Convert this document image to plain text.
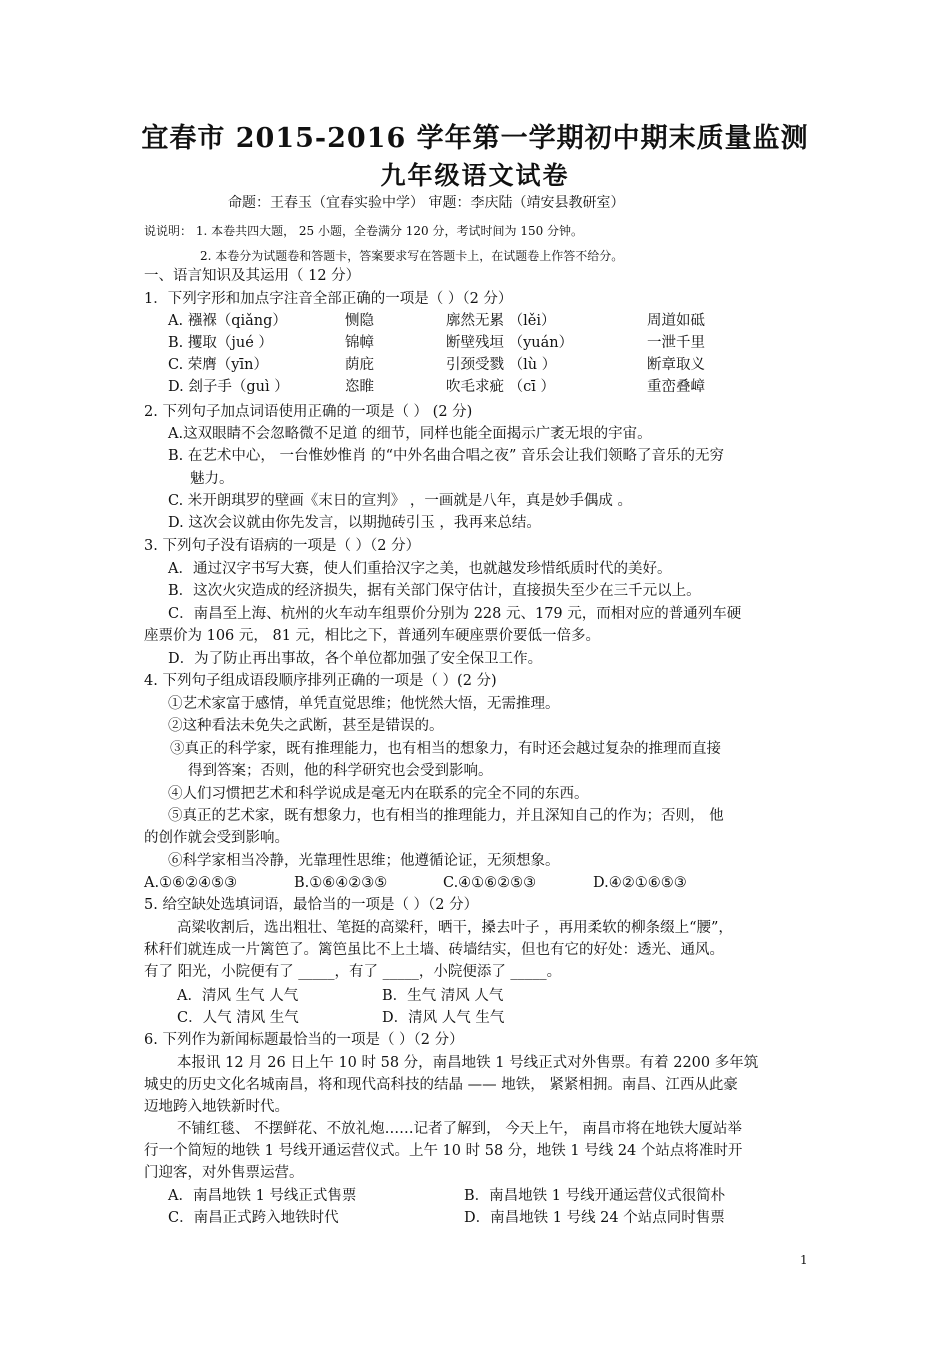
宜春市 2015-2016 学年第一学期初中期末质量监测
九年级语文试卷
命题：王春玉（宜春实验中学） 审题：李庆陆（靖安县教研室）
说说明： 1. 本卷共四大题， 25 小题，全卷满分 120 分，考试时间为 150 分钟。
2. 本卷分为试题卷和答题卡，答案要求写在答题卡上，在试题卷上作答不给分。
一、语言知识及其运用（ 12 分）
1．下列字形和加点字注音全部正确的一项是（ ）（2 分）
A. 襁褓（qiǎng）	恻隐	廓然无累 （lěi）	周道如砥
B. 攫取（jué ）	锦幛	断壁残垣 （yuán）	一泄千里
C. 荣膺（yīn）	荫庇	引颈受戮 （lù ）	断章取义
D. 刽子手（guì ）	恣睢	吹毛求疵 （cī ）	重峦叠嶂
2. 下列句子加点词语使用正确的一项是（ ） (2 分)
A.这双眼睛不会忽略微不足道 的细节，同样也能全面揭示广袤无垠的宇宙。
B. 在艺术中心， 一台惟妙惟肖 的“中外名曲合唱之夜” 音乐会让我们领略了音乐的无穷
魅力。
C. 米开朗琪罗的壁画《末日的宣判》 ，一画就是八年，真是妙手偶成 。
D. 这次会议就由你先发言，以期抛砖引玉 ，我再来总结。
3. 下列句子没有语病的一项是（ ）（2 分）
A．通过汉字书写大赛，使人们重拾汉字之美，也就越发珍惜纸质时代的美好。
B．这次火灾造成的经济损失，据有关部门保守估计，直接损失至少在三千元以上。
C．南昌至上海、杭州的火车动车组票价分别为 228 元、179 元，而相对应的普通列车硬
座票价为 106 元， 81 元，相比之下，普通列车硬座票价要低一倍多。
D．为了防止再出事故，各个单位都加强了安全保卫工作。
4. 下列句子组成语段顺序排列正确的一项是（ ）(2 分)
①艺术家富于感情，单凭直觉思维；他恍然大悟，无需推理。
②这种看法未免失之武断，甚至是错误的。
③真正的科学家，既有推理能力，也有相当的想象力，有时还会越过复杂的推理而直接
得到答案；否则，他的科学研究也会受到影响。
④人们习惯把艺术和科学说成是毫无内在联系的完全不同的东西。
⑤真正的艺术家，既有想象力，也有相当的推理能力，并且深知自己的作为；否则， 他
的创作就会受到影响。
⑥科学家相当冷静，光靠理性思维；他遵循论证，无须想象。
A.①⑥②④⑤③	B.①⑥④②③⑤	C.④①⑥②⑤③	D.④②①⑥⑤③
5. 给空缺处选填词语，最恰当的一项是（ ）（2 分）
高粱收割后，选出粗壮、笔挺的高粱秆，晒干，搡去叶子 ，再用柔软的柳条缀上“腰”，
秫秆们就连成一片篱笆了。篱笆虽比不上土墙、砖墙结实，但也有它的好处：透光、通风。
有了 阳光，小院便有了 _____，有了 _____，小院便添了 _____。
A．清风 生气 人气	B．生气 清风 人气
C．人气 清风 生气	D．清风 人气 生气
6. 下列作为新闻标题最恰当的一项是（ ）（2 分）
本报讯 12 月 26 日上午 10 时 58 分，南昌地铁 1 号线正式对外售票。有着 2200 多年筑
城史的历史文化名城南昌，将和现代高科技的结晶 —— 地铁， 紧紧相拥。南昌、江西从此豪
迈地跨入地铁新时代。
不铺红毯、 不摆鲜花、不放礼炮……记者了解到， 今天上午， 南昌市将在地铁大厦站举
行一个简短的地铁 1 号线开通运营仪式。上午 10 时 58 分，地铁 1 号线 24 个站点将准时开
门迎客，对外售票运营。
A．南昌地铁 1 号线正式售票	B．南昌地铁 1 号线开通运营仪式很简朴
C．南昌正式跨入地铁时代	D．南昌地铁 1 号线 24 个站点同时售票
1
